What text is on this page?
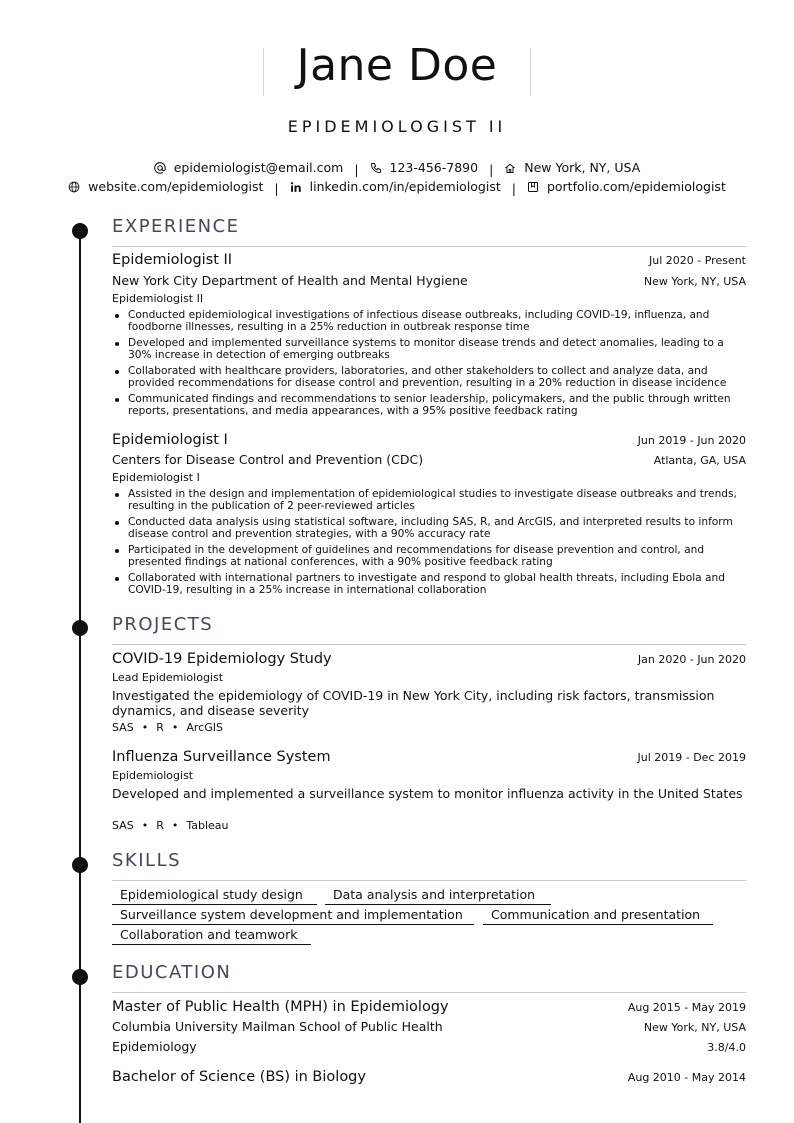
Jane Doe
EPIDEMIOLOGIST II
epidemiologist@email.com | 123-456-7890 | New York, NY, USA
website.com/epidemiologist | linkedin.com/in/epidemiologist | portfolio.com/epidemiologist
EXPERIENCE
Epidemiologist II	Jul 2020 - Present
New York City Department of Health and Mental Hygiene	New York, NY, USA
Epidemiologist II
Conducted epidemiological investigations of infectious disease outbreaks, including COVID-19, influenza, and foodborne illnesses, resulting in a 25% reduction in outbreak response time
Developed and implemented surveillance systems to monitor disease trends and detect anomalies, leading to a 30% increase in detection of emerging outbreaks
Collaborated with healthcare providers, laboratories, and other stakeholders to collect and analyze data, and provided recommendations for disease control and prevention, resulting in a 20% reduction in disease incidence
Communicated findings and recommendations to senior leadership, policymakers, and the public through written reports, presentations, and media appearances, with a 95% positive feedback rating
Epidemiologist I	Jun 2019 - Jun 2020
Centers for Disease Control and Prevention (CDC)	Atlanta, GA, USA
Epidemiologist I
Assisted in the design and implementation of epidemiological studies to investigate disease outbreaks and trends, resulting in the publication of 2 peer-reviewed articles
Conducted data analysis using statistical software, including SAS, R, and ArcGIS, and interpreted results to inform disease control and prevention strategies, with a 90% accuracy rate
Participated in the development of guidelines and recommendations for disease prevention and control, and presented findings at national conferences, with a 90% positive feedback rating
Collaborated with international partners to investigate and respond to global health threats, including Ebola and COVID-19, resulting in a 25% increase in international collaboration
PROJECTS
COVID-19 Epidemiology Study	Jan 2020 - Jun 2020
Lead Epidemiologist
Investigated the epidemiology of COVID-19 in New York City, including risk factors, transmission dynamics, and disease severity
SAS • R • ArcGIS
Influenza Surveillance System	Jul 2019 - Dec 2019
Epidemiologist
Developed and implemented a surveillance system to monitor influenza activity in the United States
SAS • R • Tableau
SKILLS
Epidemiological study design	Data analysis and interpretation
Surveillance system development and implementation	Communication and presentation
Collaboration and teamwork
EDUCATION
Master of Public Health (MPH) in Epidemiology	Aug 2015 - May 2019
Columbia University Mailman School of Public Health	New York, NY, USA
Epidemiology	3.8/4.0
Bachelor of Science (BS) in Biology	Aug 2010 - May 2014
